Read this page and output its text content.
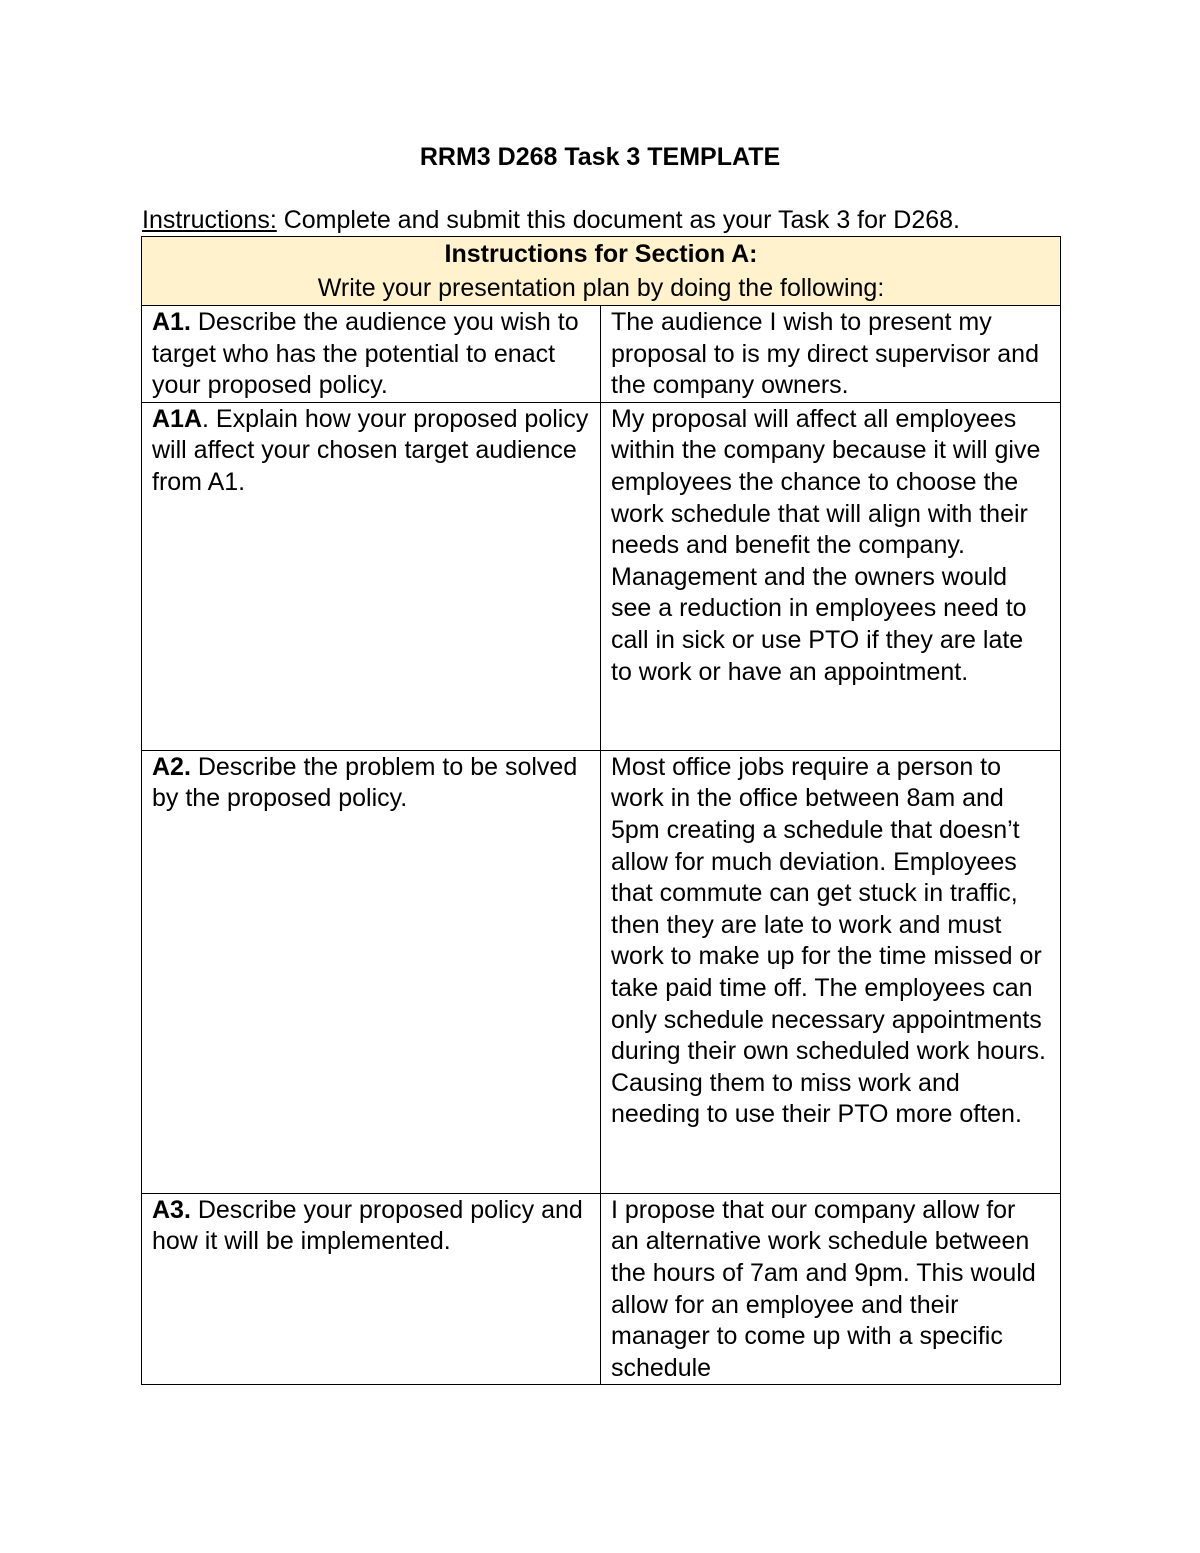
RRM3 D268 Task 3 TEMPLATE
Instructions: Complete and submit this document as your Task 3 for D268.
Instructions for Section A:
Write your presentation plan by doing the following:	

A1. Describe the audience you wish to target who has the potential to enact your proposed policy.	The audience I wish to present my proposal to is my direct supervisor and the company owners.
A1A. Explain how your proposed policy will affect your chosen target audience from A1.	My proposal will affect all employees within the company because it will give employees the chance to choose the work schedule that will align with their needs and benefit the company. Management and the owners would see a reduction in employees need to call in sick or use PTO if they are late to work or have an appointment.
A2. Describe the problem to be solved by the proposed policy.	Most office jobs require a person to work in the office between 8am and 5pm creating a schedule that doesn’t allow for much deviation. Employees that commute can get stuck in traffic, then they are late to work and must work to make up for the time missed or take paid time off. The employees can only schedule necessary appointments during their own scheduled work hours. Causing them to miss work and needing to use their PTO more often.
A3. Describe your proposed policy and how it will be implemented.	I propose that our company allow for an alternative work schedule between the hours of 7am and 9pm. This would allow for an employee and their manager to come up with a specific schedule
